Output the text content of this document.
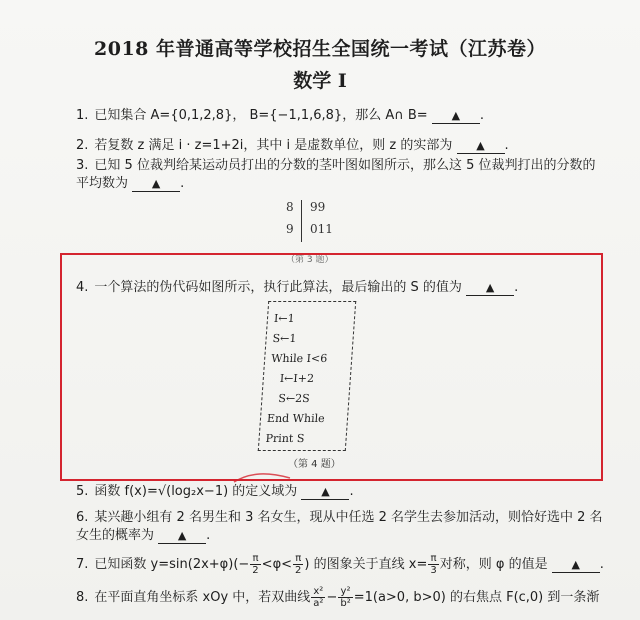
2018 年普通高等学校招生全国统一考试（江苏卷）
数学 Ⅰ
1. 已知集合 A={0,1,2,8}， B={−1,1,6,8}，那么 A∩ B= ▲ .
2. 若复数 z 满足 i · z=1+2i，其中 i 是虚数单位，则 z 的实部为 ▲ .
3. 已知 5 位裁判给某运动员打出的分数的茎叶图如图所示，那么这 5 位裁判打出的分数的
平均数为 ▲ .
8 99
9 011
（第 3 题）
4. 一个算法的伪代码如图所示，执行此算法，最后输出的 S 的值为 ▲ .
I←1
S←1
While I<6
I←I+2
S←2S
End While
Print S
（第 4 题）
5. 函数 f(x)=√(log₂x−1) 的定义域为 ▲ .
6. 某兴趣小组有 2 名男生和 3 名女生，现从中任选 2 名学生去参加活动，则恰好选中 2 名
女生的概率为 ▲ .
7. 已知函数 $y=\sin(2x+\varphi)(- \frac{\pi}{2} <\varphi< \frac{\pi}{2}$ ) 的图象关于直线 $x= \frac{\pi}{3}$ 对称，则 φ 的值是 ▲ .
8. 在平面直角坐标系 xOy 中，若双曲线 $\frac{\text{x²}}{\text{a²}} - \frac{\text{y²}}{\text{b²}} =1(a>0$, b>0) 的右焦点 F(c,0) 到一条渐
